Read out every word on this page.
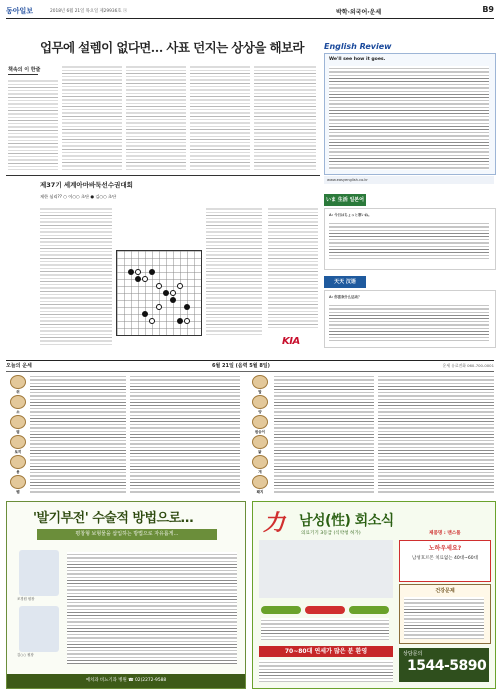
동아일보	2018년 6월 21일 목요일 제29936호 ⓐ	박학·외국어·운세	B9
업무에 설렘이 없다면… 사표 던지는 상상을 해보라
책속의 이 한줄
English Review
We'll see how it goes.
www.easyenglish.co.kr
いま 生活 일본어
A: 今日はちょっと寒いね。
天天 汉语
A: 你喜欢什么运动？
제37기 세계아마바둑선수권대회
제한 심리?? ○ 이○○ 초단 ● 김○○ 초단
KIA
오늘의 운세	6월 21일 (음력 5월 8일)	운세 유료전화 060-700-0001
'발기부전' 수술적 방법으로…
평창형 보형물을 삽입하는 방법으로 자유롭게…
조경원 원장
김○○ 원장
예치과 비뇨기과 병원 ☎ 02)2272-9588
力 남성(性) 회소식
의료기기 3등급 (식약청 허가)	제품명 : 맨스톰
노하우세요?
남성호르몬 치료없는 40대~60대
건강문제
70~80대 연세가 많은 분 환영	상담문의
1544-5890
쥐
소
범
토끼
용
뱀
말
양
원숭이
닭
개
돼지
